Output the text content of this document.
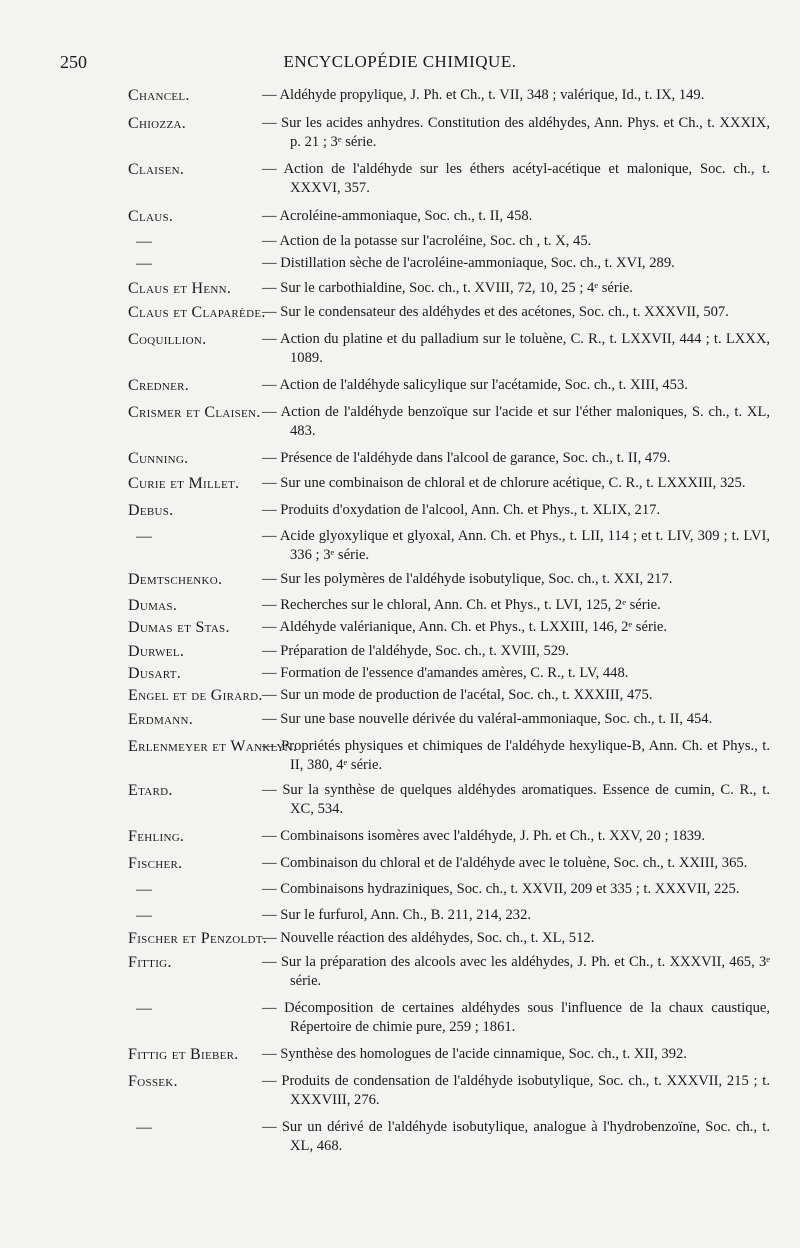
250	ENCYCLOPÉDIE CHIMIQUE.
Chancel.	— Aldéhyde propylique, J. Ph. et Ch., t. VII, 348 ; valérique, Id., t. IX, 149.
Chiozza.	— Sur les acides anhydres. Constitution des aldéhydes, Ann. Phys. et Ch., t. XXXIX, p. 21 ; 3ᵉ série.
Claisen.	— Action de l'aldéhyde sur les éthers acétyl-acétique et malonique, Soc. ch., t. XXXVI, 357.
Claus.	— Acroléine-ammoniaque, Soc. ch., t. II, 458.
—	— Action de la potasse sur l'acroléine, Soc. ch , t. X, 45.
—	— Distillation sèche de l'acroléine-ammoniaque, Soc. ch., t. XVI, 289.
Claus et Henn.	— Sur le carbothialdine, Soc. ch., t. XVIII, 72, 10, 25 ; 4ᵉ série.
Claus et Claparède. — Sur le condensateur des aldéhydes et des acétones, Soc. ch., t. XXXVII, 507.
Coquillion.	— Action du platine et du palladium sur le toluène, C. R., t. LXXVII, 444 ; t. LXXX, 1089.
Credner.	— Action de l'aldéhyde salicylique sur l'acétamide, Soc. ch., t. XIII, 453.
Crismer et Claisen.	— Action de l'aldéhyde benzoïque sur l'acide et sur l'éther maloniques, S. ch., t. XL, 483.
Cunning.	— Présence de l'aldéhyde dans l'alcool de garance, Soc. ch., t. II, 479.
Curie et Millet.	— Sur une combinaison de chloral et de chlorure acétique, C. R., t. LXXXIII, 325.
Debus.	— Produits d'oxydation de l'alcool, Ann. Ch. et Phys., t. XLIX, 217.
—	— Acide glyoxylique et glyoxal, Ann. Ch. et Phys., t. LII, 114 ; et t. LIV, 309 ; t. LVI, 336 ; 3ᵉ série.
Demtschenko.	— Sur les polymères de l'aldéhyde isobutylique, Soc. ch., t. XXI, 217.
Dumas.	— Recherches sur le chloral, Ann. Ch. et Phys., t. LVI, 125, 2ᵉ série.
Dumas et Stas.	— Aldéhyde valérianique, Ann. Ch. et Phys., t. LXXIII, 146, 2ᵉ série.
Durwel.	— Préparation de l'aldéhyde, Soc. ch., t. XVIII, 529.
Dusart.	— Formation de l'essence d'amandes amères, C. R., t. LV, 448.
Engel et de Girard.	— Sur un mode de production de l'acétal, Soc. ch., t. XXXIII, 475.
Erdmann.	— Sur une base nouvelle dérivée du valéral-ammoniaque, Soc. ch., t. II, 454.
Erlenmeyer et Wanklyn.
— Propriétés physiques et chimiques de l'aldéhyde hexylique-B, Ann. Ch. et Phys., t. II, 380, 4ᵉ série.
Etard.	— Sur la synthèse de quelques aldéhydes aromatiques. Essence de cumin, C. R., t. XC, 534.
Fehling.	— Combinaisons isomères avec l'aldéhyde, J. Ph. et Ch., t. XXV, 20 ; 1839.
Fischer.	— Combinaison du chloral et de l'aldéhyde avec le toluène, Soc. ch., t. XXIII, 365.
—	— Combinaisons hydraziniques, Soc. ch., t. XXVII, 209 et 335 ; t. XXXVII, 225.
—	— Sur le furfurol, Ann. Ch., B. 211, 214, 232.
Fischer et Penzoldt. — Nouvelle réaction des aldéhydes, Soc. ch., t. XL, 512.
Fittig.	— Sur la préparation des alcools avec les aldéhydes, J. Ph. et Ch., t. XXXVII, 465, 3ᵉ série.
—	— Décomposition de certaines aldéhydes sous l'influence de la chaux caustique, Répertoire de chimie pure, 259 ; 1861.
Fittig et Bieber.	— Synthèse des homologues de l'acide cinnamique, Soc. ch., t. XII, 392.
Fossek.	— Produits de condensation de l'aldéhyde isobutylique, Soc. ch., t. XXXVII, 215 ; t. XXXVIII, 276.
—	— Sur un dérivé de l'aldéhyde isobutylique, analogue à l'hydrobenzoïne, Soc. ch., t. XL, 468.
